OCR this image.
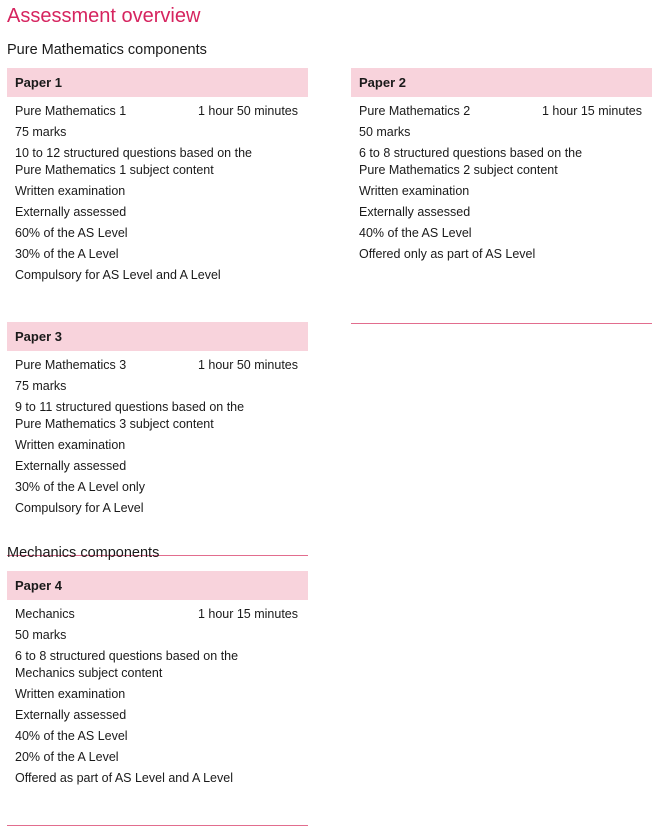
Assessment overview
Pure Mathematics components
Paper 1
Pure Mathematics 1	1 hour 50 minutes
75 marks
10 to 12 structured questions based on the Pure Mathematics 1 subject content
Written examination
Externally assessed
60% of the AS Level
30% of the A Level
Compulsory for AS Level and A Level
Paper 2
Pure Mathematics 2	1 hour 15 minutes
50 marks
6 to 8 structured questions based on the Pure Mathematics 2 subject content
Written examination
Externally assessed
40% of the AS Level
Offered only as part of AS Level
Paper 3
Pure Mathematics 3	1 hour 50 minutes
75 marks
9 to 11 structured questions based on the Pure Mathematics 3 subject content
Written examination
Externally assessed
30% of the A Level only
Compulsory for A Level
Mechanics components
Paper 4
Mechanics	1 hour 15 minutes
50 marks
6 to 8 structured questions based on the Mechanics subject content
Written examination
Externally assessed
40% of the AS Level
20% of the A Level
Offered as part of AS Level and A Level
